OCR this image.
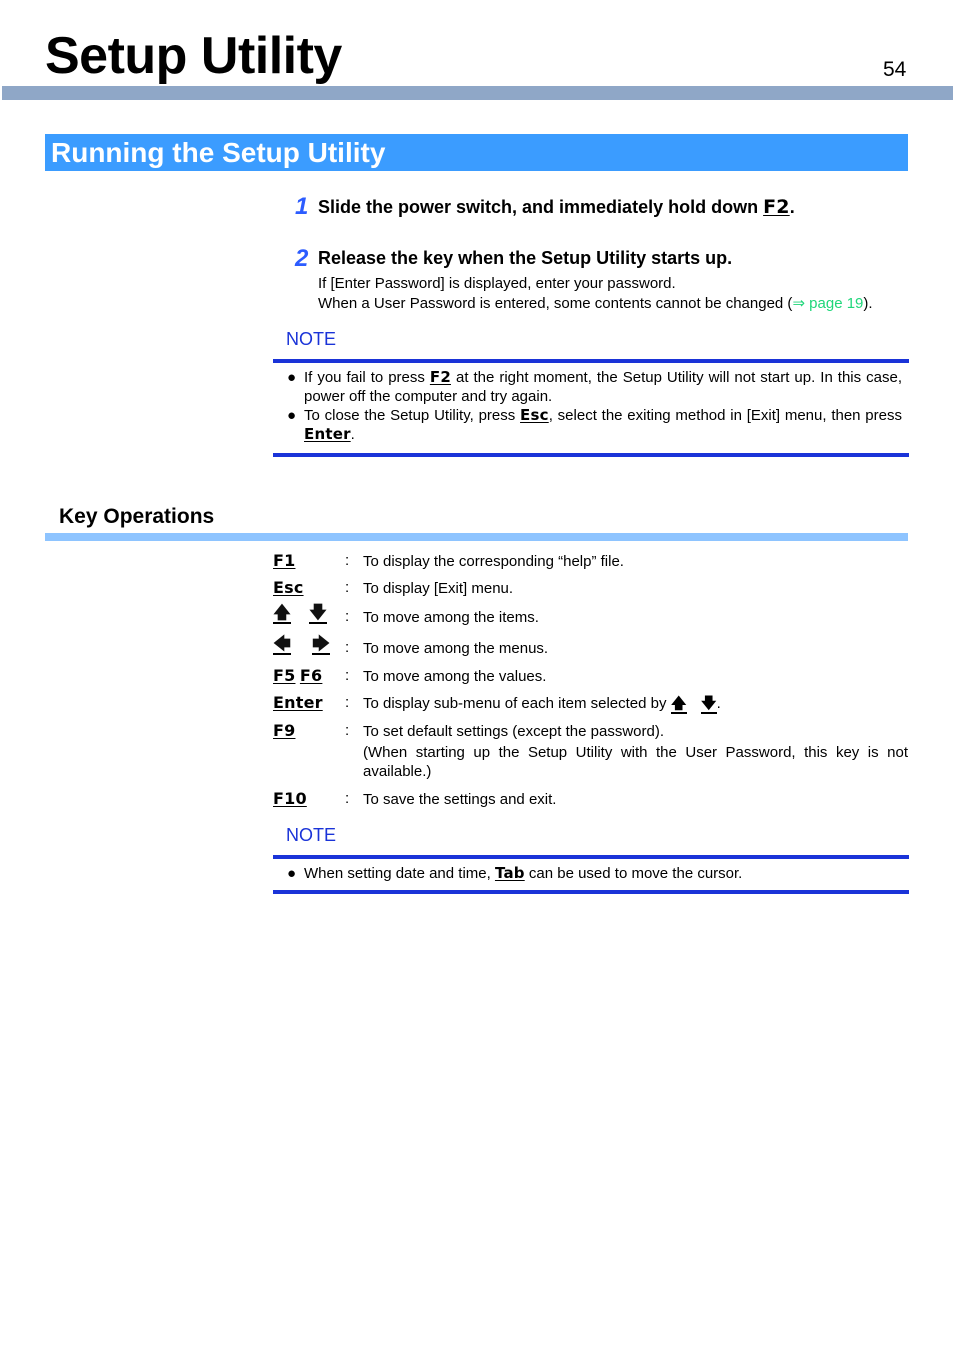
Setup Utility	54
Running the Setup Utility
1 Slide the power switch, and immediately hold down F2.
2 Release the key when the Setup Utility starts up.
If [Enter Password] is displayed, enter your password.
When a User Password is entered, some contents cannot be changed (⇒ page 19).
NOTE
● If you fail to press F2 at the right moment, the Setup Utility will not start up. In this case, power off the computer and try again.
● To close the Setup Utility, press Esc, select the exiting method in [Exit] menu, then press Enter.
Key Operations
F1	: To display the corresponding “help” file.
Esc	: To display [Exit] menu.
🡅 🡇 : To move among the items.
🡄 🡆 : To move among the menus.
F5 F6 : To move among the values.
Enter : To display sub-menu of each item selected by 🡅 🡇.
F9	: To set default settings (except the password).
(When starting up the Setup Utility with the User Password, this key is not available.)
F10	: To save the settings and exit.
NOTE
● When setting date and time, Tab can be used to move the cursor.
